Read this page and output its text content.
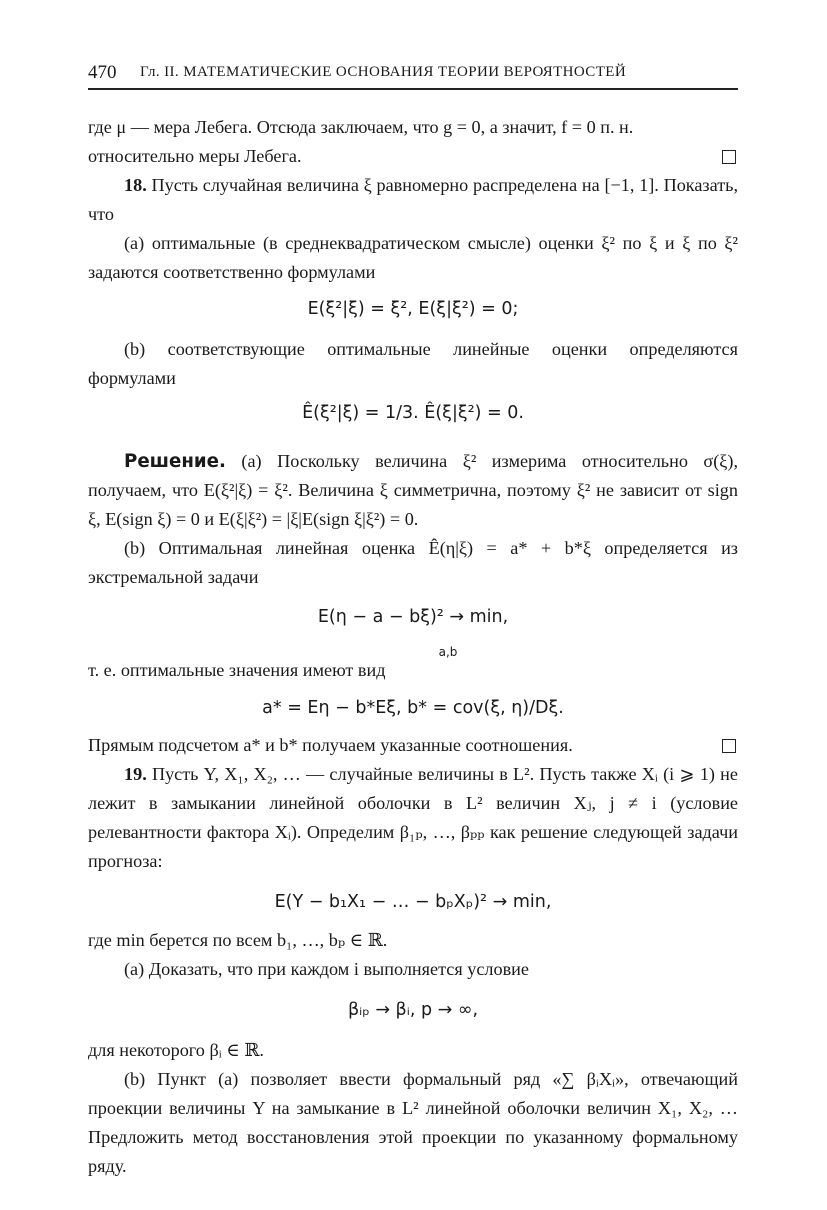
470 Гл. II. МАТЕМАТИЧЕСКИЕ ОСНОВАНИЯ ТЕОРИИ ВЕРОЯТНОСТЕЙ

где μ — мера Лебега. Отсюда заключаем, что g = 0, а значит, f = 0 п. н.
относительно меры Лебега.

18. Пусть случайная величина ξ равномерно распределена на [−1, 1]. Показать, что

(a) оптимальные (в среднеквадратическом смысле) оценки ξ² по ξ и ξ по ξ² задаются соответственно формулами

E(ξ²|ξ) = ξ², E(ξ|ξ²) = 0;

(b) соответствующие оптимальные линейные оценки определяются формулами

Ê(ξ²|ξ) = 1/3. Ê(ξ|ξ²) = 0.

Решение. (a) Поскольку величина ξ² измерима относительно σ(ξ), получаем, что E(ξ²|ξ) = ξ². Величина ξ симметрична, поэтому ξ² не зависит от sign ξ, E(sign ξ) = 0 и E(ξ|ξ²) = |ξ|E(sign ξ|ξ²) = 0.

(b) Оптимальная линейная оценка Ê(η|ξ) = a* + b*ξ определяется из экстремальной задачи

E(η − a − bξ)² → min,
a,b

т. е. оптимальные значения имеют вид

a* = Eη − b*Eξ, b* = cov(ξ, η)/Dξ.

Прямым подсчетом a* и b* получаем указанные соотношения.

19. Пусть Y, X₁, X₂, … — случайные величины в L². Пусть также Xᵢ (i ⩾ 1) не лежит в замыкании линейной оболочки в L² величин Xⱼ, j ≠ i (условие релевантности фактора Xᵢ). Определим β₁ₚ, …, βₚₚ как решение следующей задачи прогноза:

E(Y − b₁X₁ − … − bₚXₚ)² → min,

где min берется по всем b₁, …, bₚ ∈ ℝ.

(a) Доказать, что при каждом i выполняется условие

βᵢₚ → βᵢ, p → ∞,

для некоторого βᵢ ∈ ℝ.

(b) Пункт (a) позволяет ввести формальный ряд «∑ βᵢXᵢ», отвечающий проекции величины Y на замыкание в L² линейной оболочки величин X₁, X₂, … Предложить метод восстановления этой проекции по указанному формальному ряду.
